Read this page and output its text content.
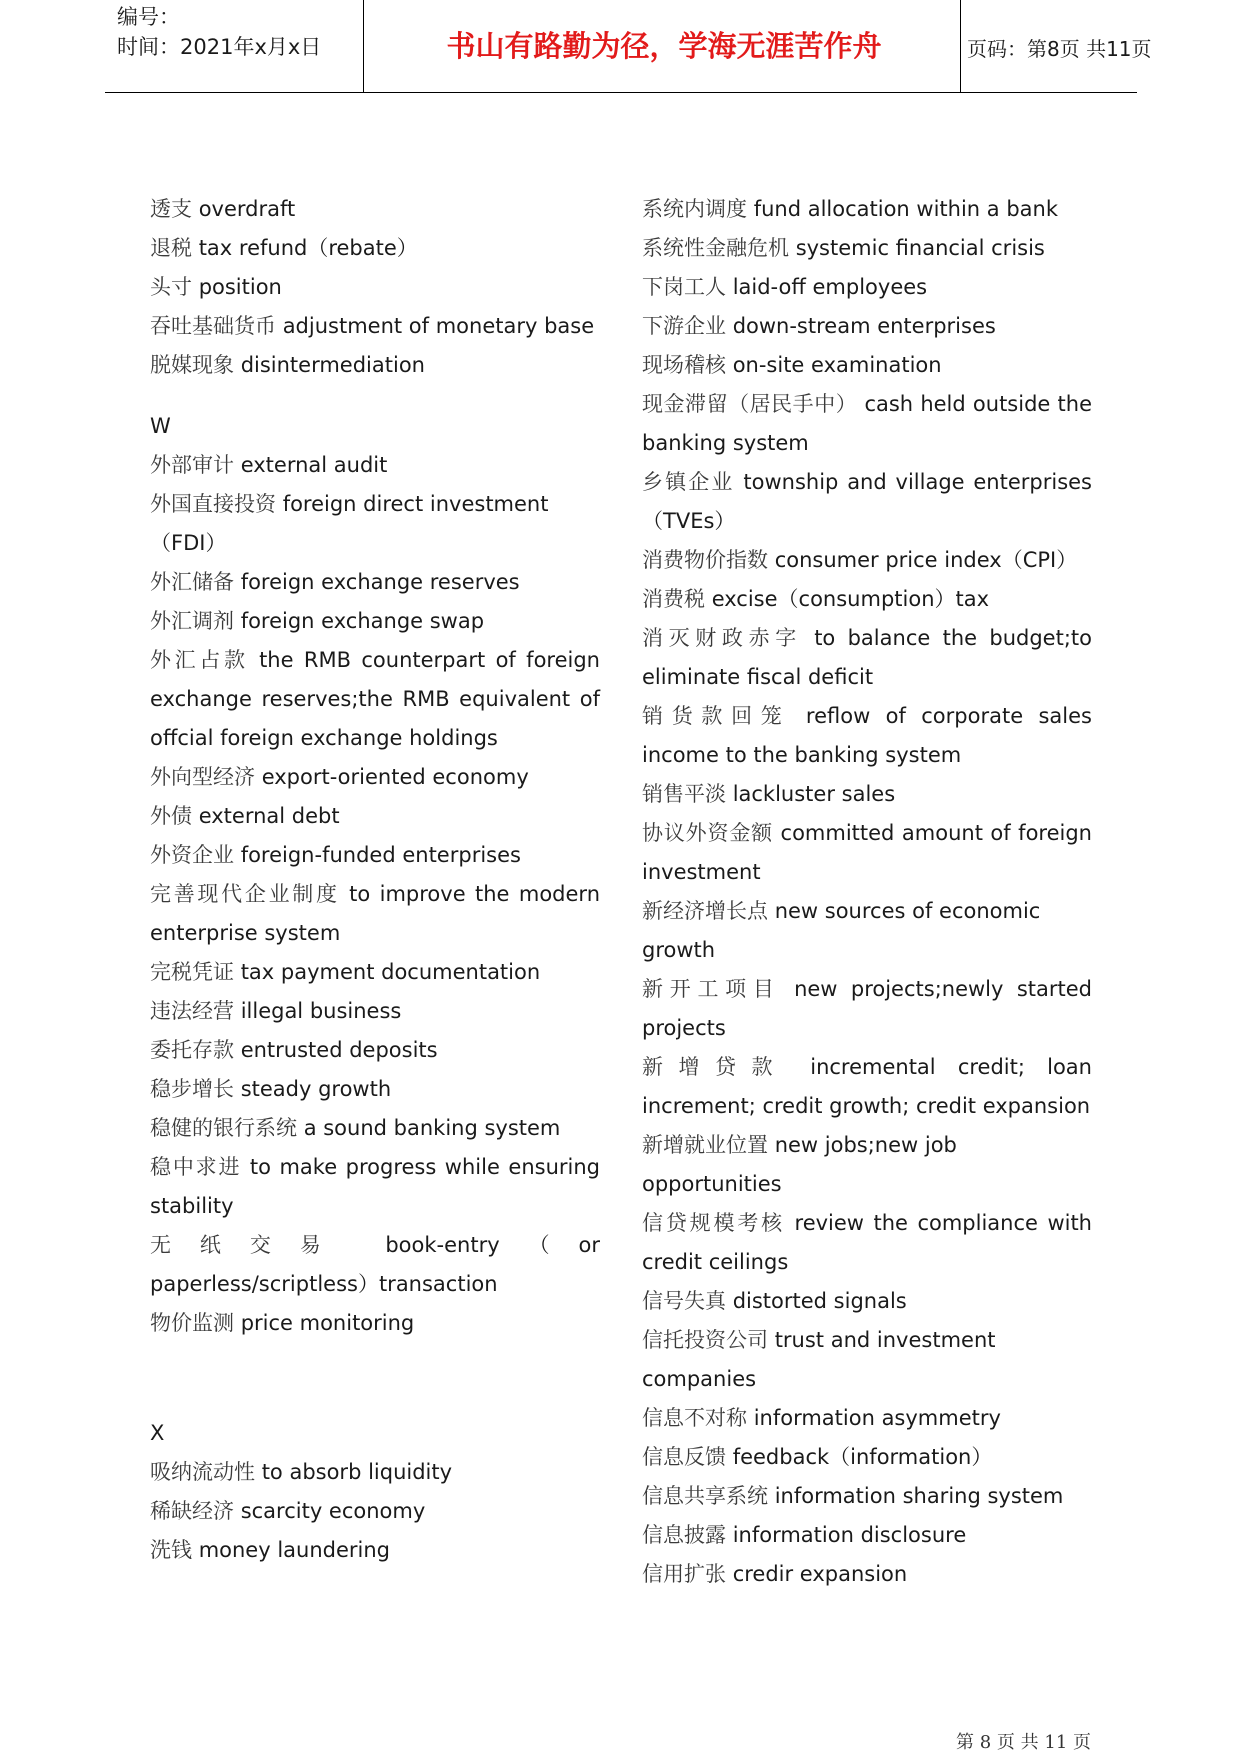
编号：
时间：2021年x月x日	书山有路勤为径，学海无涯苦作舟	页码：第8页 共11页
透支 overdraft
退税 tax refund（rebate）
头寸 position
吞吐基础货币 adjustment of monetary base
脱媒现象 disintermediation
W
外部审计 external audit
外国直接投资 foreign direct investment（FDI）
外汇储备 foreign exchange reserves
外汇调剂 foreign exchange swap
外汇占款 the RMB counterpart of foreign exchange reserves;the RMB equivalent of offcial foreign exchange holdings
外向型经济 export-oriented economy
外债 external debt
外资企业 foreign-funded enterprises
完善现代企业制度 to improve the modern enterprise system
完税凭证 tax payment documentation
违法经营 illegal business
委托存款 entrusted deposits
稳步增长 steady growth
稳健的银行系统 a sound banking system
稳中求进 to make progress while ensuring stability
无纸交易 book-entry（or paperless/scriptless）transaction
物价监测 price monitoring
X
吸纳流动性 to absorb liquidity
稀缺经济 scarcity economy
洗钱 money laundering
系统内调度 fund allocation within a bank
系统性金融危机 systemic financial crisis
下岗工人 laid-off employees
下游企业 down-stream enterprises
现场稽核 on-site examination
现金滞留（居民手中） cash held outside the banking system
乡镇企业 township and village enterprises（TVEs）
消费物价指数 consumer price index（CPI）
消费税 excise（consumption）tax
消灭财政赤字 to balance the budget;to eliminate fiscal deficit
销货款回笼 reflow of corporate sales income to the banking system
销售平淡 lackluster sales
协议外资金额 committed amount of foreign investment
新经济增长点 new sources of economic growth
新开工项目 new projects;newly started projects
新增贷款 incremental credit; loan increment; credit growth; credit expansion
新增就业位置 new jobs;new job opportunities
信贷规模考核 review the compliance with credit ceilings
信号失真 distorted signals
信托投资公司 trust and investment companies
信息不对称 information asymmetry
信息反馈 feedback（information）
信息共享系统 information sharing system
信息披露 information disclosure
信用扩张 credir expansion
第 8 页 共 11 页
